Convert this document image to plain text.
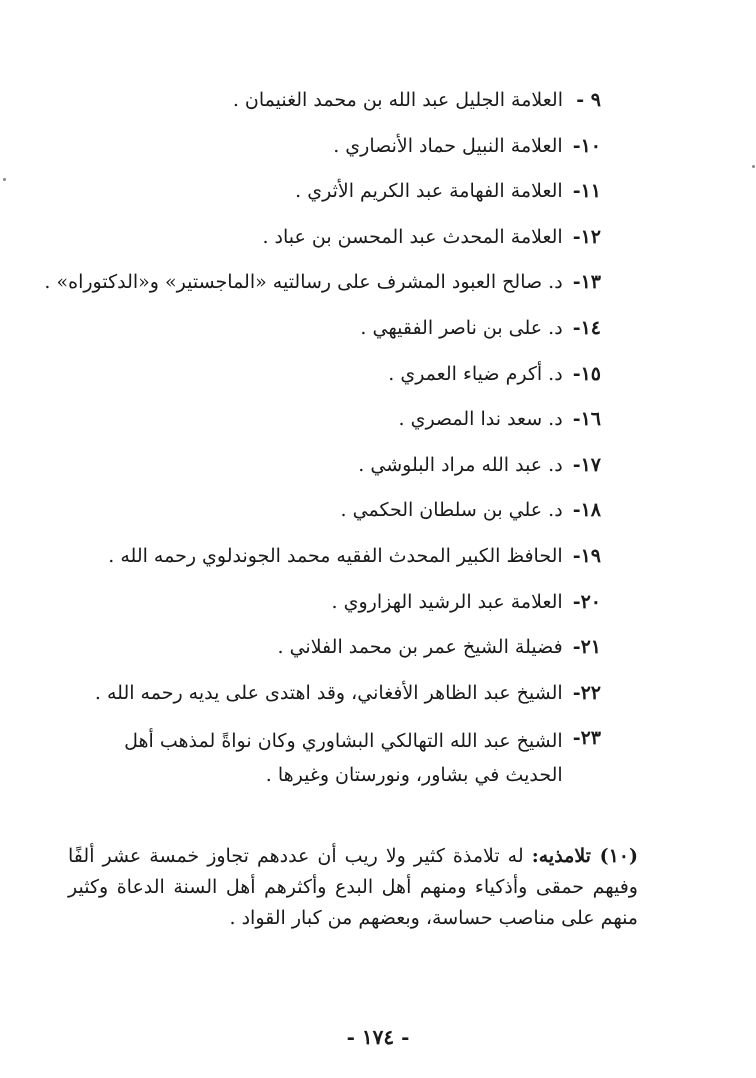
٩ -
العلامة الجليل عبد الله بن محمد الغنيمان .
١٠-
العلامة النبيل حماد الأنصاري .
١١-
العلامة الفهامة عبد الكريم الأثري .
١٢-
العلامة المحدث عبد المحسن بن عباد .
١٣-
د. صالح العبود المشرف على رسالتيه «الماجستير» و«الدكتوراه» .
١٤-
د. على بن ناصر الفقيهي .
١٥-
د. أكرم ضياء العمري .
١٦-
د. سعد ندا المصري .
١٧-
د. عبد الله مراد البلوشي .
١٨-
د. علي بن سلطان الحكمي .
١٩-
الحافظ الكبير المحدث الفقيه محمد الجوندلوي رحمه الله .
٢٠-
العلامة عبد الرشيد الهزاروي .
٢١-
فضيلة الشيخ عمر بن محمد الفلاني .
٢٢-
الشيخ عبد الظاهر الأفغاني، وقد اهتدى على يديه رحمه الله .
٢٣-
الشيخ عبد الله التهالكي البشاوري وكان نواةً لمذهب أهل الحديث في بشاور، ونورستان وغيرها .

(١٠) تلامذيه: له تلامذة كثير ولا ريب أن عددهم تجاوز خمسة عشر ألفًا وفيهم حمقى وأذكياء ومنهم أهل البدع وأكثرهم أهل السنة الدعاة وكثير منهم على مناصب حساسة، وبعضهم من كبار القواد .

- ١٧٤ -
